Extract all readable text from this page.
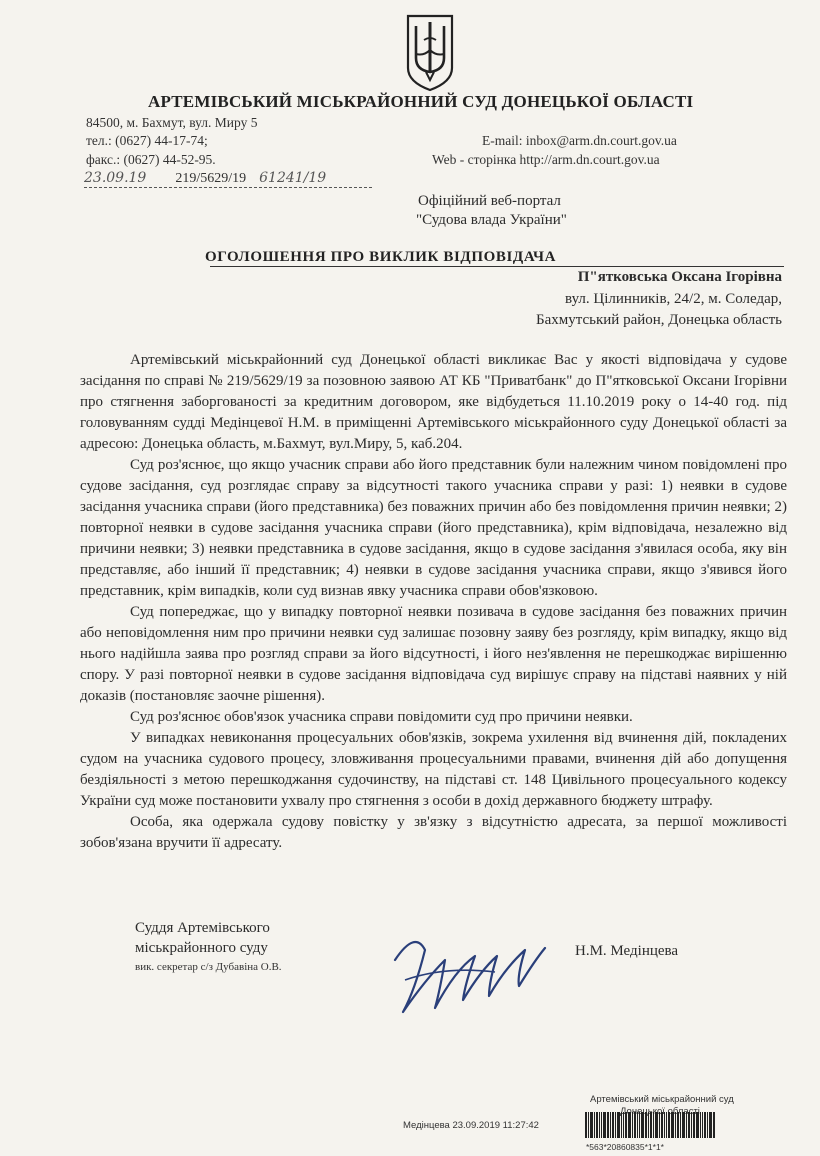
АРТЕМІВСЬКИЙ МІСЬКРАЙОННИЙ СУД ДОНЕЦЬКОЇ ОБЛАСТІ
84500, м. Бахмут, вул. Миру 5
тел.: (0627) 44-17-74;
факс.: (0627) 44-52-95.
E-mail: inbox@arm.dn.court.gov.ua
Web - сторінка http://arm.dn.court.gov.ua
23.09.19 219/5629/19 61241/19
Офіційний веб-портал
"Судова влада України"
ОГОЛОШЕННЯ ПРО ВИКЛИК ВІДПОВІДАЧА
П"ятковська Оксана Ігорівна
вул. Цілинників, 24/2, м. Соледар,
Бахмутський район, Донецька область

Артемівський міськрайонний суд Донецької області викликає Вас у якості відповідача у судове засідання по справі № 219/5629/19 за позовною заявою АТ КБ "Приватбанк" до П"ятковської Оксани Ігорівни про стягнення заборгованості за кредитним договором, яке відбудеться 11.10.2019 року о 14-40 год. під головуванням судді Медінцевої Н.М. в приміщенні Артемівського міськрайонного суду Донецької області за адресою: Донецька область, м.Бахмут, вул.Миру, 5, каб.204.

Суд роз'яснює, що якщо учасник справи або його представник були належним чином повідомлені про судове засідання, суд розглядає справу за відсутності такого учасника справи у разі: 1) неявки в судове засідання учасника справи (його представника) без поважних причин або без повідомлення причин неявки; 2) повторної неявки в судове засідання учасника справи (його представника), крім відповідача, незалежно від причини неявки; 3) неявки представника в судове засідання, якщо в судове засідання з'явилася особа, яку він представляє, або інший її представник; 4) неявки в судове засідання учасника справи, якщо з'явився його представник, крім випадків, коли суд визнав явку учасника справи обов'язковою.

Суд попереджає, що у випадку повторної неявки позивача в судове засідання без поважних причин або неповідомлення ним про причини неявки суд залишає позовну заяву без розгляду, крім випадку, якщо від нього надійшла заява про розгляд справи за його відсутності, і його нез'явлення не перешкоджає вирішенню спору. У разі повторної неявки в судове засідання відповідача суд вирішує справу на підставі наявних у ній доказів (постановляє заочне рішення).

Суд роз'яснює обов'язок учасника справи повідомити суд про причини неявки.

У випадках невиконання процесуальних обов'язків, зокрема ухилення від вчинення дій, покладених судом на учасника судового процесу, зловживання процесуальними правами, вчинення дій або допущення бездіяльності з метою перешкоджання судочинству, на підставі ст. 148 Цивільного процесуального кодексу України суд може постановити ухвалу про стягнення з особи в дохід державного бюджету штрафу.

Особа, яка одержала судову повістку у зв'язку з відсутністю адресата, за першої можливості зобов'язана вручити її адресату.

Суддя Артемівського
міськрайонного суду
вик. секретар с/з Дубавіна О.В.
Н.М. Медінцева
Артемівський міськрайонний суд
Медінцева 23.09.2019 11:27:42
*563*20860835*1*1*
